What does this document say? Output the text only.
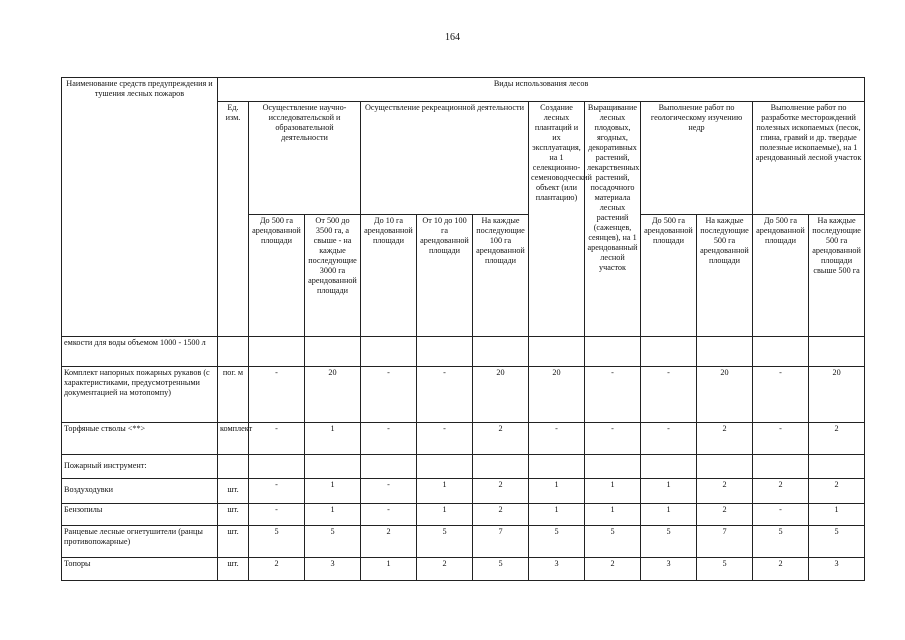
164
Наименование средств предупреждения и тушения лесных пожаров	Виды использования лесов											
	Ед. изм.	Осуществление научно-исследовательской и образовательной деятельности		Осуществление рекреационной деятельности			Создание лесных плантаций и их эксплуатация, на 1 селекционно-семеноводческий объект (или плантацию)	Выращивание лесных плодовых, ягодных, декоративных растений, лекарственных растений, посадочного материала лесных растений (саженцев, сеянцев), на 1 арендованный лесной участок	Выполнение работ по геологическому изучению недр		Выполнение работ по разработке месторождений полезных ископаемых (песок, глина, гравий и др. твердые полезные ископаемые), на 1 арендованный лесной участок	
		До 500 га арендованной площади	От 500 до 3500 га, а свыше - на каждые последующие 3000 га арендованной площади	До 10 га арендованной площади	От 10 до 100 га арендованной площади	На каждые последующие 100 га арендованной площади			До 500 га арендованной площади	На каждые последующие 500 га арендованной площади	До 500 га арендованной площади	На каждые последующие 500 га арендованной площади свыше 500 га
емкости для воды объемом 1000 - 1500 л												
Комплект напорных пожарных рукавов (с характеристиками, предусмотренными документацией на мотопомпу)	пог. м	-	20	-	-	20	20	-	-	20	-	20
Торфяные стволы <**>	комплект	-	1	-	-	2	-	-	-	2	-	2
Пожарный инструмент:												
Воздуходувки	шт.	-	1	-	1	2	1	1	1	2	2	2
Бензопилы	шт.	-	1	-	1	2	1	1	1	2	-	1
Ранцевые лесные огнетушители (ранцы противопожарные)	шт.	5	5	2	5	7	5	5	5	7	5	5
Топоры	шт.	2	3	1	2	5	3	2	3	5	2	3
